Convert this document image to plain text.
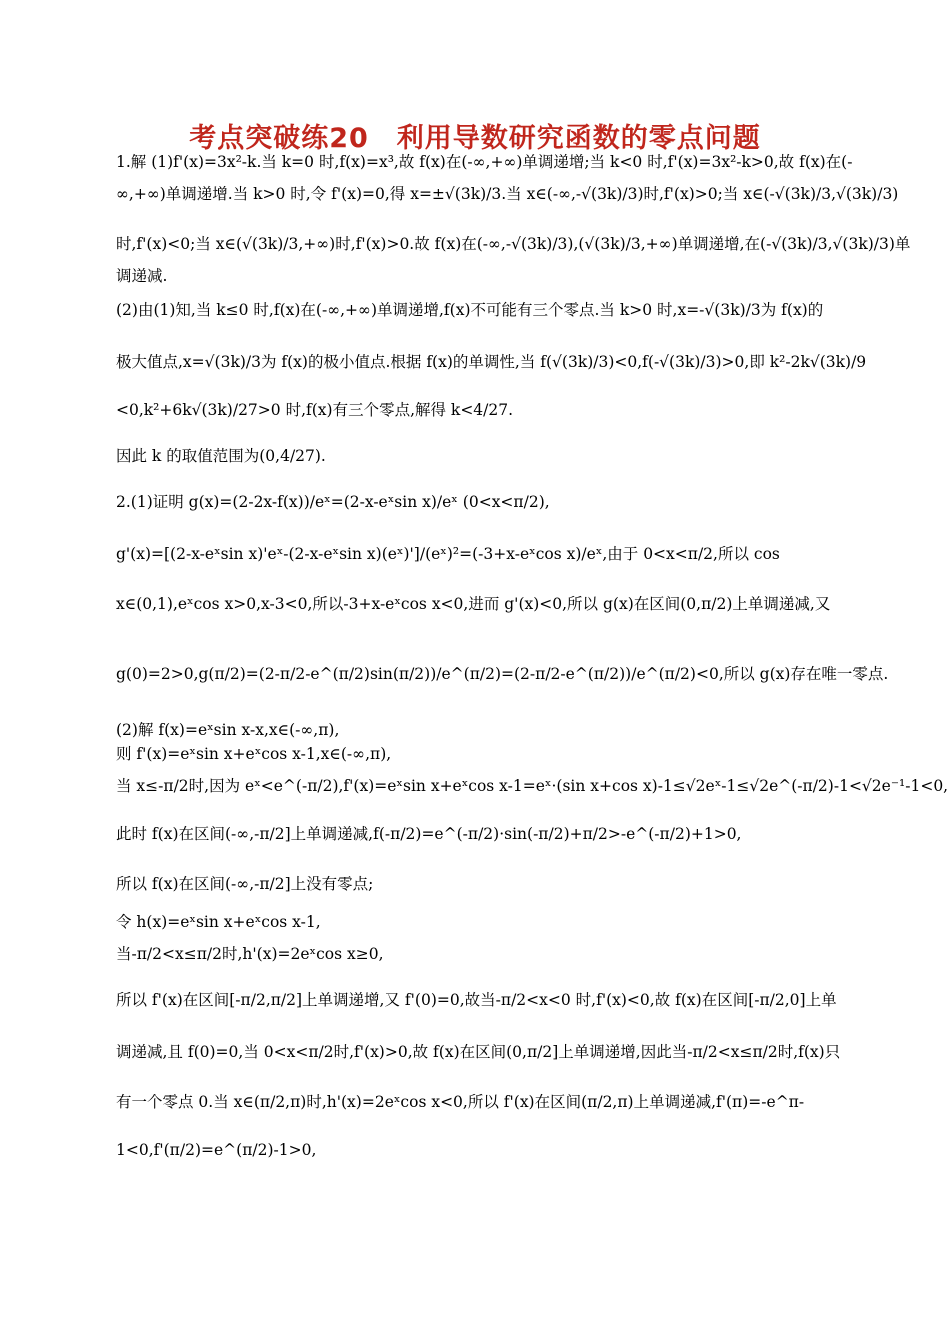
考点突破练20　利用导数研究函数的零点问题
1.解 (1)f'(x)=3x²-k.当 k=0 时,f(x)=x³,故 f(x)在(-∞,+∞)单调递增;当 k<0 时,f'(x)=3x²-k>0,故 f(x)在(-
∞,+∞)单调递增.当 k>0 时,令 f'(x)=0,得 x=±√(3k)/3.当 x∈(-∞,-√(3k)/3)时,f'(x)>0;当 x∈(-√(3k)/3,√(3k)/3)
时,f'(x)<0;当 x∈(√(3k)/3,+∞)时,f'(x)>0.故 f(x)在(-∞,-√(3k)/3),(√(3k)/3,+∞)单调递增,在(-√(3k)/3,√(3k)/3)单
调递减.
(2)由(1)知,当 k≤0 时,f(x)在(-∞,+∞)单调递增,f(x)不可能有三个零点.当 k>0 时,x=-√(3k)/3为 f(x)的
极大值点,x=√(3k)/3为 f(x)的极小值点.根据 f(x)的单调性,当 f(√(3k)/3)<0,f(-√(3k)/3)>0,即 k²-2k√(3k)/9
<0,k²+6k√(3k)/27>0 时,f(x)有三个零点,解得 k<4/27.
因此 k 的取值范围为(0,4/27).
2.(1)证明 g(x)=(2-2x-f(x))/eˣ=(2-x-eˣsin x)/eˣ (0<x<π/2),
g'(x)=[(2-x-eˣsin x)'eˣ-(2-x-eˣsin x)(eˣ)']/(eˣ)²=(-3+x-eˣcos x)/eˣ,由于 0<x<π/2,所以 cos
x∈(0,1),eˣcos x>0,x-3<0,所以-3+x-eˣcos x<0,进而 g'(x)<0,所以 g(x)在区间(0,π/2)上单调递减,又
g(0)=2>0,g(π/2)=(2-π/2-e^(π/2)sin(π/2))/e^(π/2)=(2-π/2-e^(π/2))/e^(π/2)<0,所以 g(x)存在唯一零点.
(2)解 f(x)=eˣsin x-x,x∈(-∞,π),
则 f'(x)=eˣsin x+eˣcos x-1,x∈(-∞,π),
当 x≤-π/2时,因为 eˣ<e^(-π/2),f'(x)=eˣsin x+eˣcos x-1=eˣ·(sin x+cos x)-1≤√2eˣ-1≤√2e^(-π/2)-1<√2e⁻¹-1<0,
此时 f(x)在区间(-∞,-π/2]上单调递减,f(-π/2)=e^(-π/2)·sin(-π/2)+π/2>-e^(-π/2)+1>0,
所以 f(x)在区间(-∞,-π/2]上没有零点;
令 h(x)=eˣsin x+eˣcos x-1,
当-π/2<x≤π/2时,h'(x)=2eˣcos x≥0,
所以 f'(x)在区间[-π/2,π/2]上单调递增,又 f'(0)=0,故当-π/2<x<0 时,f'(x)<0,故 f(x)在区间[-π/2,0]上单
调递减,且 f(0)=0,当 0<x<π/2时,f'(x)>0,故 f(x)在区间(0,π/2]上单调递增,因此当-π/2<x≤π/2时,f(x)只
有一个零点 0.当 x∈(π/2,π)时,h'(x)=2eˣcos x<0,所以 f'(x)在区间(π/2,π)上单调递减,f'(π)=-e^π-
1<0,f'(π/2)=e^(π/2)-1>0,
